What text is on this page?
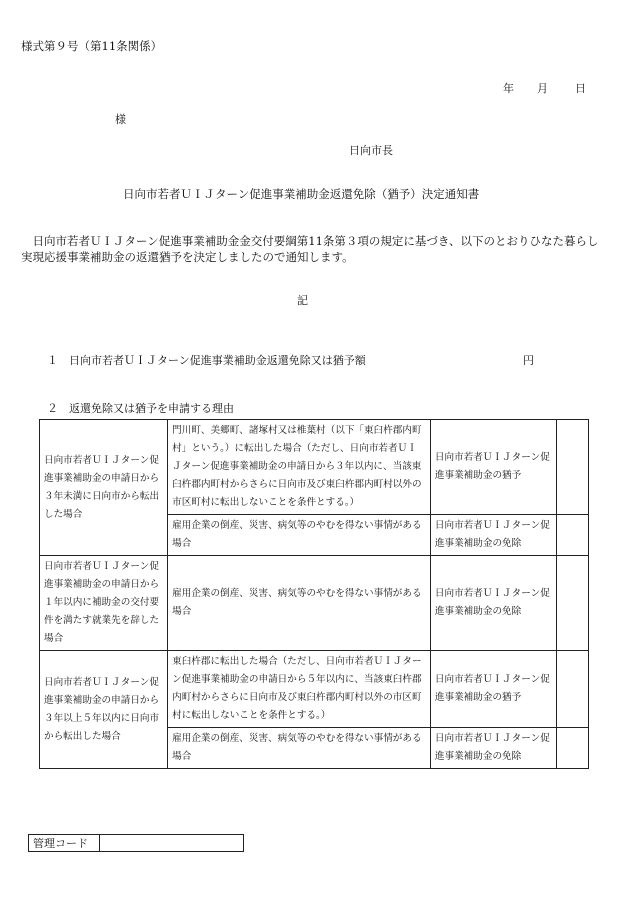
様式第９号（第11条関係）
年 月 日
様
日向市長
日向市若者ＵＩＪターン促進事業補助金返還免除（猶予）決定通知書
日向市若者ＵＩＪターン促進事業補助金金交付要綱第11条第３項の規定に基づき、以下のとおりひなた暮らし実現応援事業補助金の返還猶予を決定しましたので通知します。
記
１ 日向市若者ＵＩＪターン促進事業補助金返還免除又は猶予額	円
２ 返還免除又は猶予を申請する理由
日向市若者ＵＩＪターン促進事業補助金の申請日から３年未満に日向市から転出した場合	門川町、美郷町、諸塚村又は椎葉村（以下「東臼杵郡内町村」という。）に転出した場合（ただし、日向市若者ＵＩＪターン促進事業補助金の申請日から３年以内に、当該東臼杵郡内町村からさらに日向市及び東臼杵郡内町村以外の市区町村に転出しないことを条件とする。）	日向市若者ＵＩＪターン促進事業補助金の猶予	
	雇用企業の倒産、災害、病気等のやむを得ない事情がある場合	日向市若者ＵＩＪターン促進事業補助金の免除	
日向市若者ＵＩＪターン促進事業補助金の申請日から１年以内に補助金の交付要件を満たす就業先を辞した場合	雇用企業の倒産、災害、病気等のやむを得ない事情がある場合	日向市若者ＵＩＪターン促進事業補助金の免除	
日向市若者ＵＩＪターン促進事業補助金の申請日から３年以上５年以内に日向市から転出した場合	東臼杵郡に転出した場合（ただし、日向市若者ＵＩＪターン促進事業補助金の申請日から５年以内に、当該東臼杵郡内町村からさらに日向市及び東臼杵郡内町村以外の市区町村に転出しないことを条件とする。）	日向市若者ＵＩＪターン促進事業補助金の猶予	
	雇用企業の倒産、災害、病気等のやむを得ない事情がある場合	日向市若者ＵＩＪターン促進事業補助金の免除	
管理コード	
